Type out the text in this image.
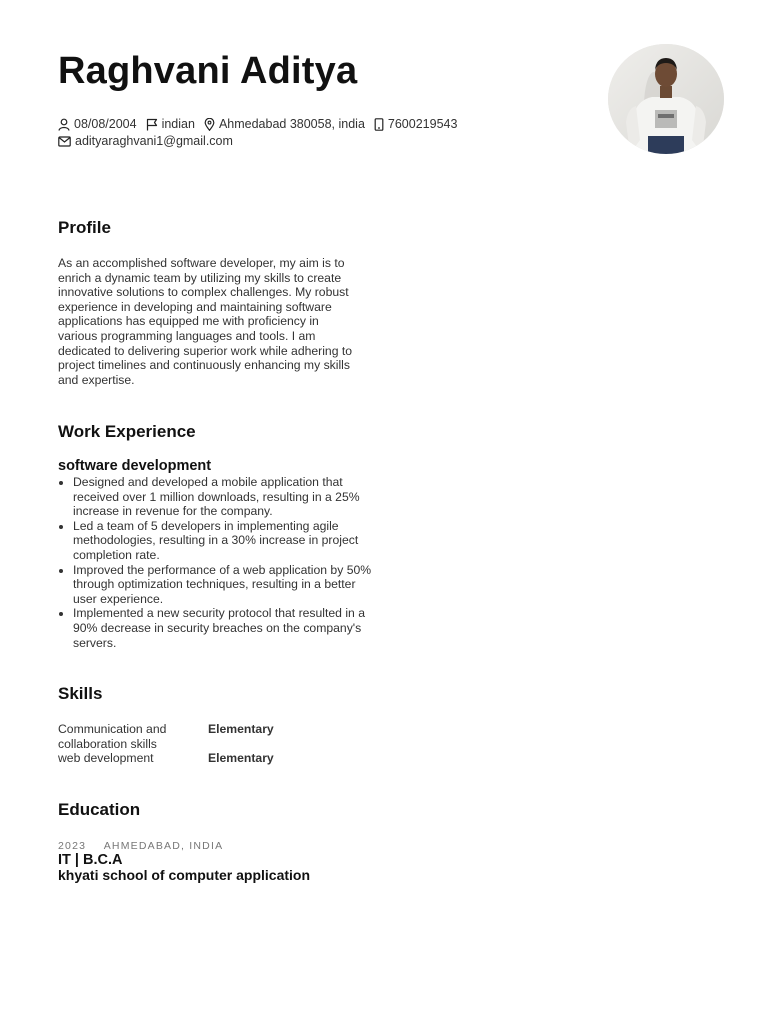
Raghvani Aditya
08/08/2004 indian Ahmedabad 380058, india 7600219543
adityaraghvani1@gmail.com
Profile

As an accomplished software developer, my aim is to enrich a dynamic team by utilizing my skills to create innovative solutions to complex challenges. My robust experience in developing and maintaining software applications has equipped me with proficiency in various programming languages and tools. I am dedicated to delivering superior work while adhering to project timelines and continuously enhancing my skills and expertise.

Work Experience
software development
• Designed and developed a mobile application that received over 1 million downloads, resulting in a 25% increase in revenue for the company.
• Led a team of 5 developers in implementing agile methodologies, resulting in a 30% increase in project completion rate.
• Improved the performance of a web application by 50% through optimization techniques, resulting in a better user experience.
• Implemented a new security protocol that resulted in a 90% decrease in security breaches on the company's servers.
Skills
Communication and collaboration skills
Elementary
web development	Elementary
Education
2023 AHMEDABAD, INDIA
IT | B.C.A
khyati school of computer application
